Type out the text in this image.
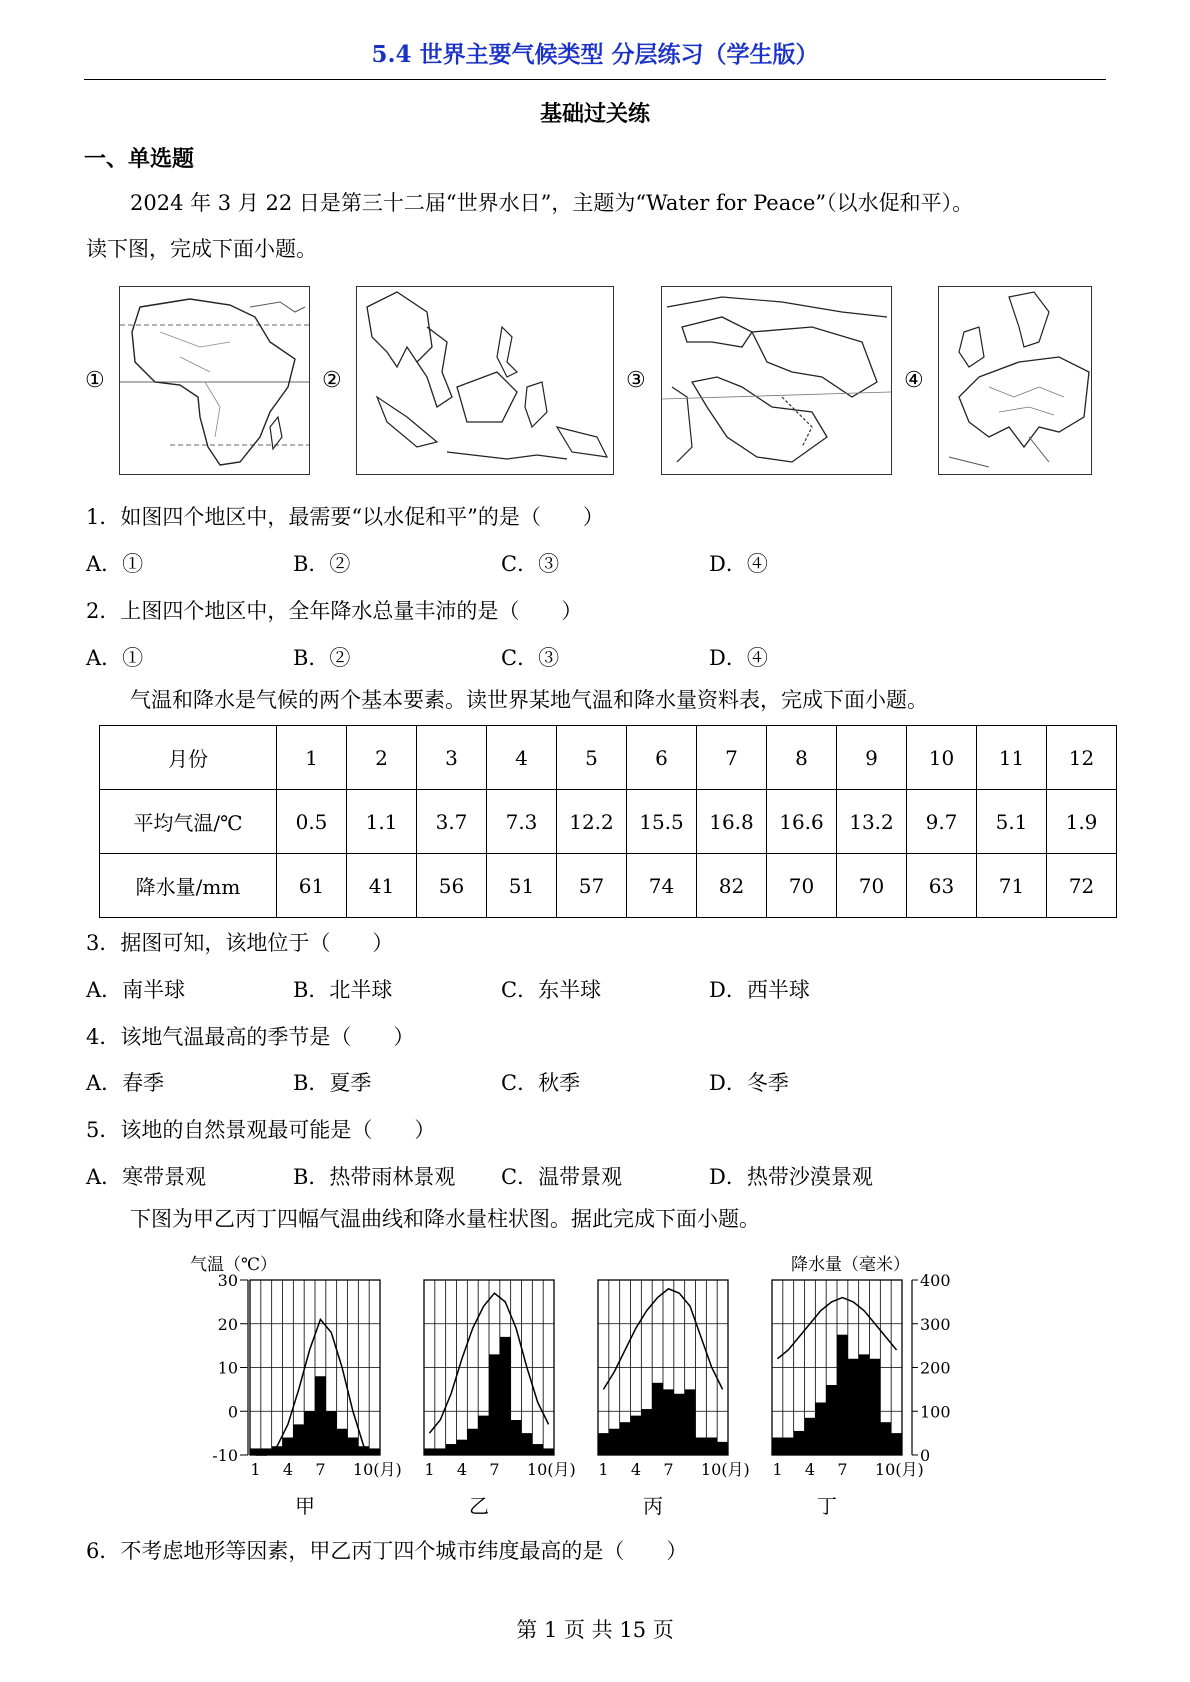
5.4 世界主要气候类型 分层练习（学生版）
基础过关练
一、单选题
2024 年 3 月 22 日是第三十二届“世界水日”，主题为“Water for Peace”（以水促和平）。
读下图，完成下面小题。
①	②	③	④
1．如图四个地区中，最需要“以水促和平”的是（　　）
A．①	B．②	C．③	D．④
2．上图四个地区中，全年降水总量丰沛的是（　　）
A．①	B．②	C．③	D．④
气温和降水是气候的两个基本要素。读世界某地气温和降水量资料表，完成下面小题。
月份	1	2	3	4	5	6	7	8	9	10	11	12
平均气温/℃	0.5	1.1	3.7	7.3	12.2	15.5	16.8	16.6	13.2	9.7	5.1	1.9
降水量/mm	61	41	56	51	57	74	82	70	70	63	71	72
3．据图可知，该地位于（　　）
A．南半球	B．北半球	C．东半球	D．西半球
4．该地气温最高的季节是（　　）
A．春季	B．夏季	C．秋季	D．冬季
5．该地的自然景观最可能是（　　）
A．寒带景观	B．热带雨林景观 C．温带景观	D．热带沙漠景观
下图为甲乙丙丁四幅气温曲线和降水量柱状图。据此完成下面小题。
气温（℃）	降水量（毫米）
30
20
10
0
-10
400
300
200
100
0
1 4 7 10(月)
甲
1 4 7 10(月)
乙
1 4 7 10(月)
丙
1 4 7 10(月)
丁
6．不考虑地形等因素，甲乙丙丁四个城市纬度最高的是（　　）
第 1 页 共 15 页
